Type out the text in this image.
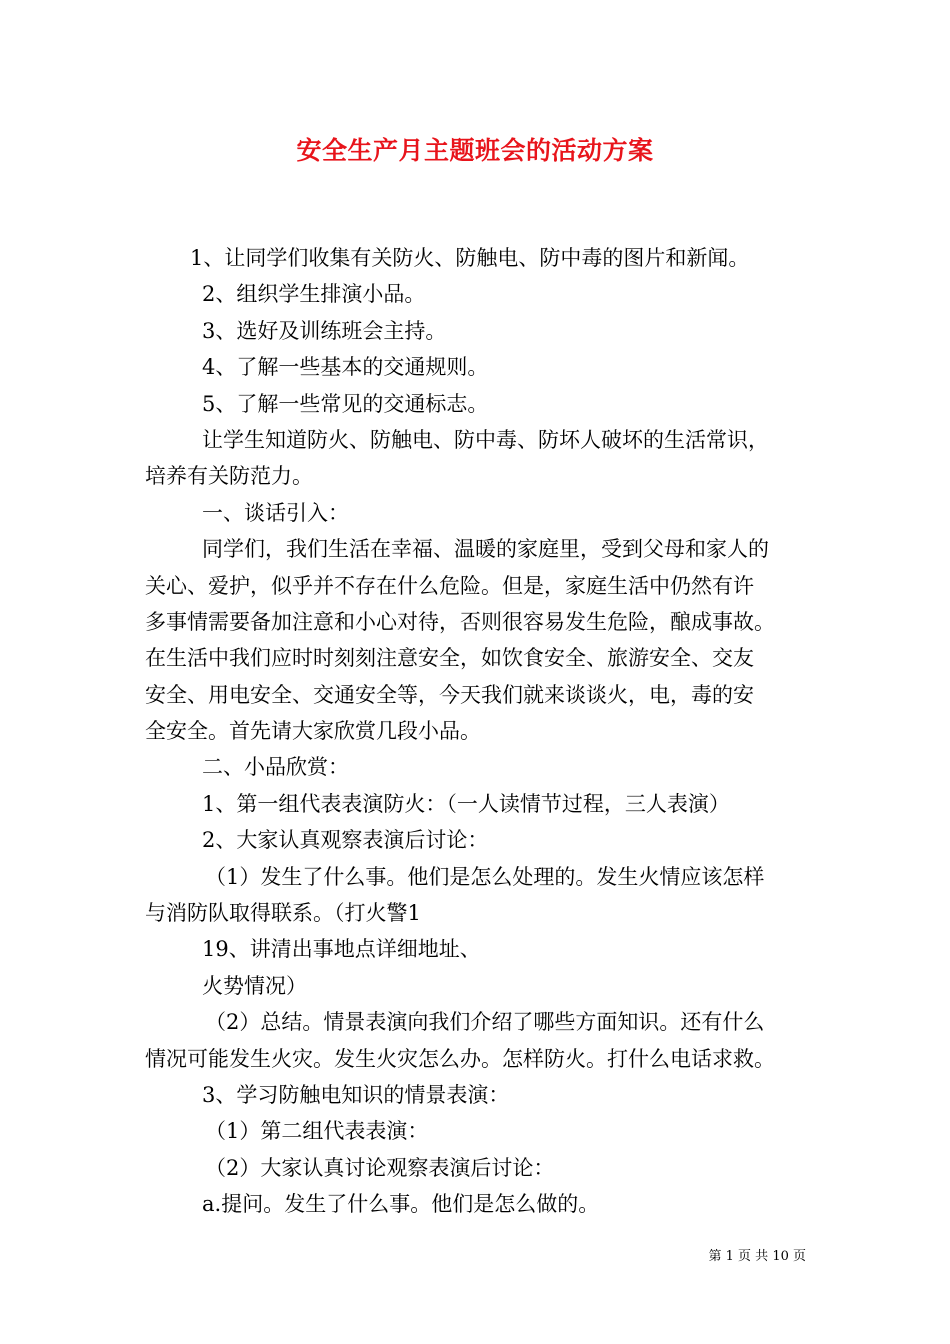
安全生产月主题班会的活动方案
1、让同学们收集有关防火、防触电、防中毒的图片和新闻。
2、组织学生排演小品。
3、选好及训练班会主持。
4、了解一些基本的交通规则。
5、了解一些常见的交通标志。
让学生知道防火、防触电、防中毒、防坏人破坏的生活常识，
培养有关防范力。
一、谈话引入：
同学们，我们生活在幸福、温暖的家庭里，受到父母和家人的
关心、爱护，似乎并不存在什么危险。但是，家庭生活中仍然有许
多事情需要备加注意和小心对待，否则很容易发生危险，酿成事故。
在生活中我们应时时刻刻注意安全，如饮食安全、旅游安全、交友
安全、用电安全、交通安全等，今天我们就来谈谈火，电，毒的安
全安全。首先请大家欣赏几段小品。
二、小品欣赏：
1、第一组代表表演防火：（一人读情节过程，三人表演）
2、大家认真观察表演后讨论：
（1）发生了什么事。他们是怎么处理的。发生火情应该怎样
与消防队取得联系。（打火警1
19、讲清出事地点详细地址、
火势情况）
（2）总结。情景表演向我们介绍了哪些方面知识。还有什么
情况可能发生火灾。发生火灾怎么办。怎样防火。打什么电话求救。
3、学习防触电知识的情景表演：
（1）第二组代表表演：
（2）大家认真讨论观察表演后讨论：
a.提问。发生了什么事。他们是怎么做的。
第 1 页 共 10 页
